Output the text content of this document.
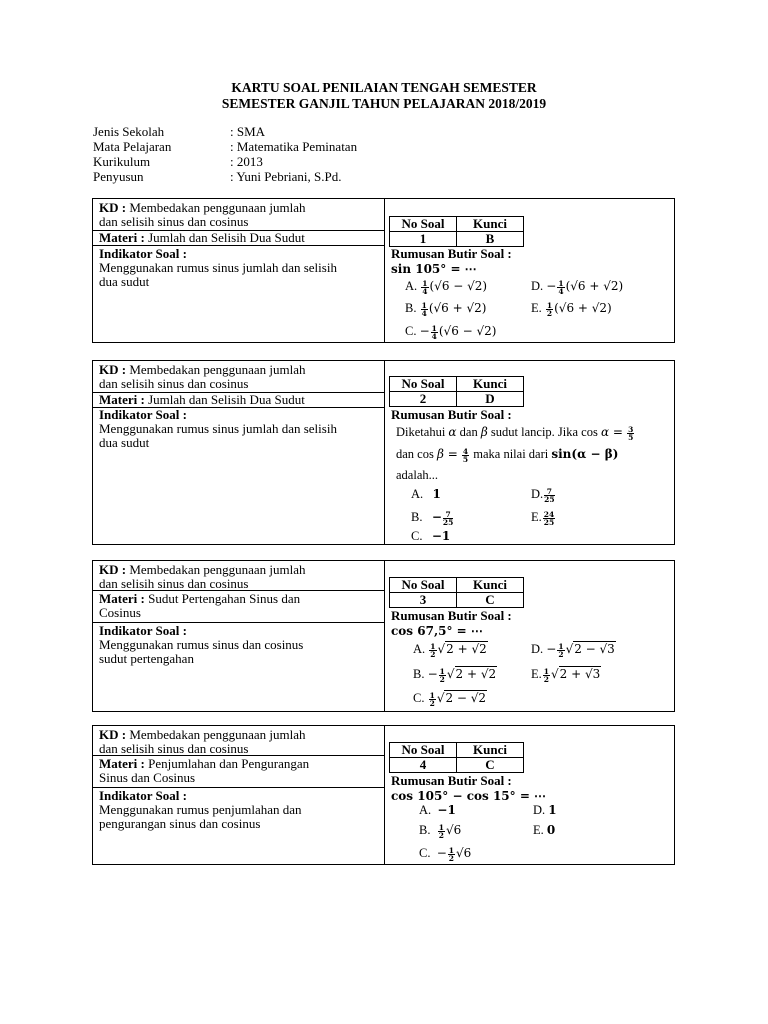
KARTU SOAL PENILAIAN TENGAH SEMESTER
SEMESTER GANJIL TAHUN PELAJARAN 2018/2019
Jenis Sekolah	: SMA
Mata Pelajaran	: Matematika Peminatan
Kurikulum	: 2013
Penyusun	: Yuni Pebriani, S.Pd.
KD : Membedakan penggunaan jumlah
dan selisih sinus dan cosinus
Materi : Jumlah dan Selisih Dua Sudut
Indikator Soal :
Menggunakan rumus sinus jumlah dan selisih
dua sudut
No Soal	Kunci
1	B
Rumusan Butir Soal :
sin 105° = ⋯
A. $\frac{1}{4} (√6 - √2)$
B. $\frac{1}{4} (√6 + √2)$
C. − $\frac{1}{4} (√6 - √2)$
D. − $\frac{1}{4} (√6 + √2)$
E. $\frac{1}{2} (√6 + √2)$
KD : Membedakan penggunaan jumlah
dan selisih sinus dan cosinus
Materi : Jumlah dan Selisih Dua Sudut
Indikator Soal :
Menggunakan rumus sinus jumlah dan selisih
dua sudut
No Soal	Kunci
2	D
Rumusan Butir Soal :
Diketahui α dan β sudut lancip. Jika $\cos \alpha = \frac{3}{5}$
dan $\cos \beta = \frac{4}{5}$ maka nilai dari sin(α − β)
adalah...
A. 1
B. − $\frac{7}{25}$
C. −1
D. $\frac{7}{25}$
E. $\frac{24}{25}$
KD : Membedakan penggunaan jumlah
dan selisih sinus dan cosinus
Materi : Sudut Pertengahan Sinus dan
Cosinus
Indikator Soal :
Menggunakan rumus sinus dan cosinus
sudut pertengahan
No Soal	Kunci
3	C
Rumusan Butir Soal :
cos 67,5° = ⋯
A. $\frac{1}{2} √2 + √2$
B. − $\frac{1}{2} √2 + √2$
C. $\frac{1}{2} √2 - √2$
D. − $\frac{1}{2} √2 - √3$
E. $\frac{1}{2} √2 + √3$
KD : Membedakan penggunaan jumlah
dan selisih sinus dan cosinus
Materi : Penjumlahan dan Pengurangan
Sinus dan Cosinus
Indikator Soal :
Menggunakan rumus penjumlahan dan
pengurangan sinus dan cosinus
No Soal	Kunci
4	C
Rumusan Butir Soal :
cos 105° − cos 15° = ⋯
A. −1
B. $\frac{1}{2} √6$
C. − $\frac{1}{2} √6$
D. 1
E. 0
